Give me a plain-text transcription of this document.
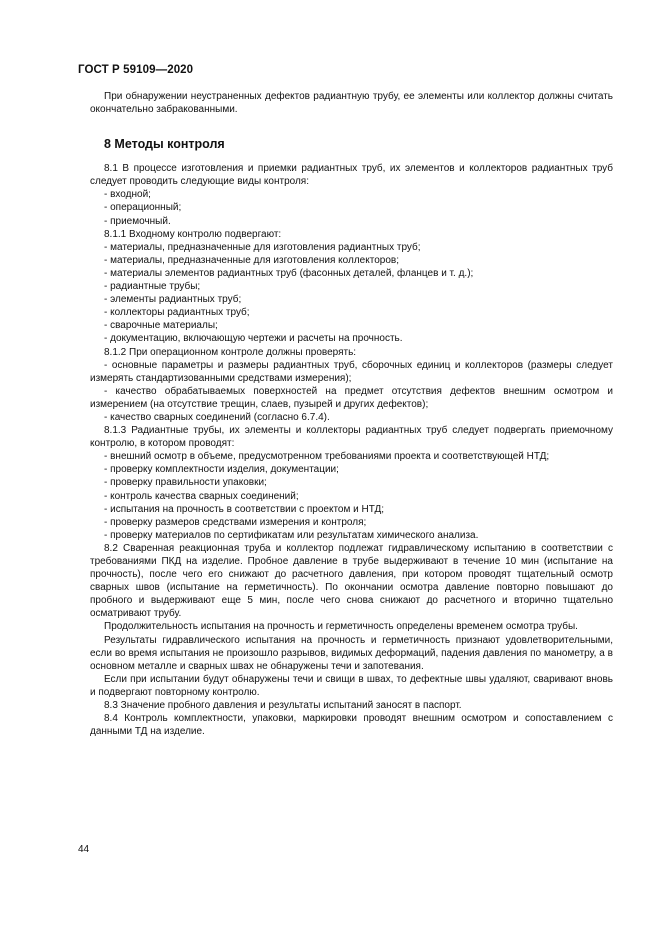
ГОСТ Р 59109—2020

При обнаружении неустраненных дефектов радиантную трубу, ее элементы или коллектор должны считать окончательно забракованными.

8 Методы контроля

8.1 В процессе изготовления и приемки радиантных труб, их элементов и коллекторов радиантных труб следует проводить следующие виды контроля:

- входной;

- операционный;

- приемочный.

8.1.1 Входному контролю подвергают:

- материалы, предназначенные для изготовления радиантных труб;

- материалы, предназначенные для изготовления коллекторов;

- материалы элементов радиантных труб (фасонных деталей, фланцев и т. д.);

- радиантные трубы;

- элементы радиантных труб;

- коллекторы радиантных труб;

- сварочные материалы;

- документацию, включающую чертежи и расчеты на прочность.

8.1.2 При операционном контроле должны проверять:

- основные параметры и размеры радиантных труб, сборочных единиц и коллекторов (размеры следует измерять стандартизованными средствами измерения);

- качество обрабатываемых поверхностей на предмет отсутствия дефектов внешним осмотром и измерением (на отсутствие трещин, слаев, пузырей и других дефектов);

- качество сварных соединений (согласно 6.7.4).

8.1.3 Радиантные трубы, их элементы и коллекторы радиантных труб следует подвергать приемочному контролю, в котором проводят:

- внешний осмотр в объеме, предусмотренном требованиями проекта и соответствующей НТД;

- проверку комплектности изделия, документации;

- проверку правильности упаковки;

- контроль качества сварных соединений;

- испытания на прочность в соответствии с проектом и НТД;

- проверку размеров средствами измерения и контроля;

- проверку материалов по сертификатам или результатам химического анализа.

8.2 Сваренная реакционная труба и коллектор подлежат гидравлическому испытанию в соответствии с требованиями ПКД на изделие. Пробное давление в трубе выдерживают в течение 10 мин (испытание на прочность), после чего его снижают до расчетного давления, при котором проводят тщательный осмотр сварных швов (испытание на герметичность). По окончании осмотра давление повторно повышают до пробного и выдерживают еще 5 мин, после чего снова снижают до расчетного и вторично тщательно осматривают трубу.

Продолжительность испытания на прочность и герметичность определены временем осмотра трубы.

Результаты гидравлического испытания на прочность и герметичность признают удовлетворительными, если во время испытания не произошло разрывов, видимых деформаций, падения давления по манометру, а в основном металле и сварных швах не обнаружены течи и запотевания.

Если при испытании будут обнаружены течи и свищи в швах, то дефектные швы удаляют, сваривают вновь и подвергают повторному контролю.

8.3 Значение пробного давления и результаты испытаний заносят в паспорт.

8.4 Контроль комплектности, упаковки, маркировки проводят внешним осмотром и сопоставлением с данными ТД на изделие.

44
